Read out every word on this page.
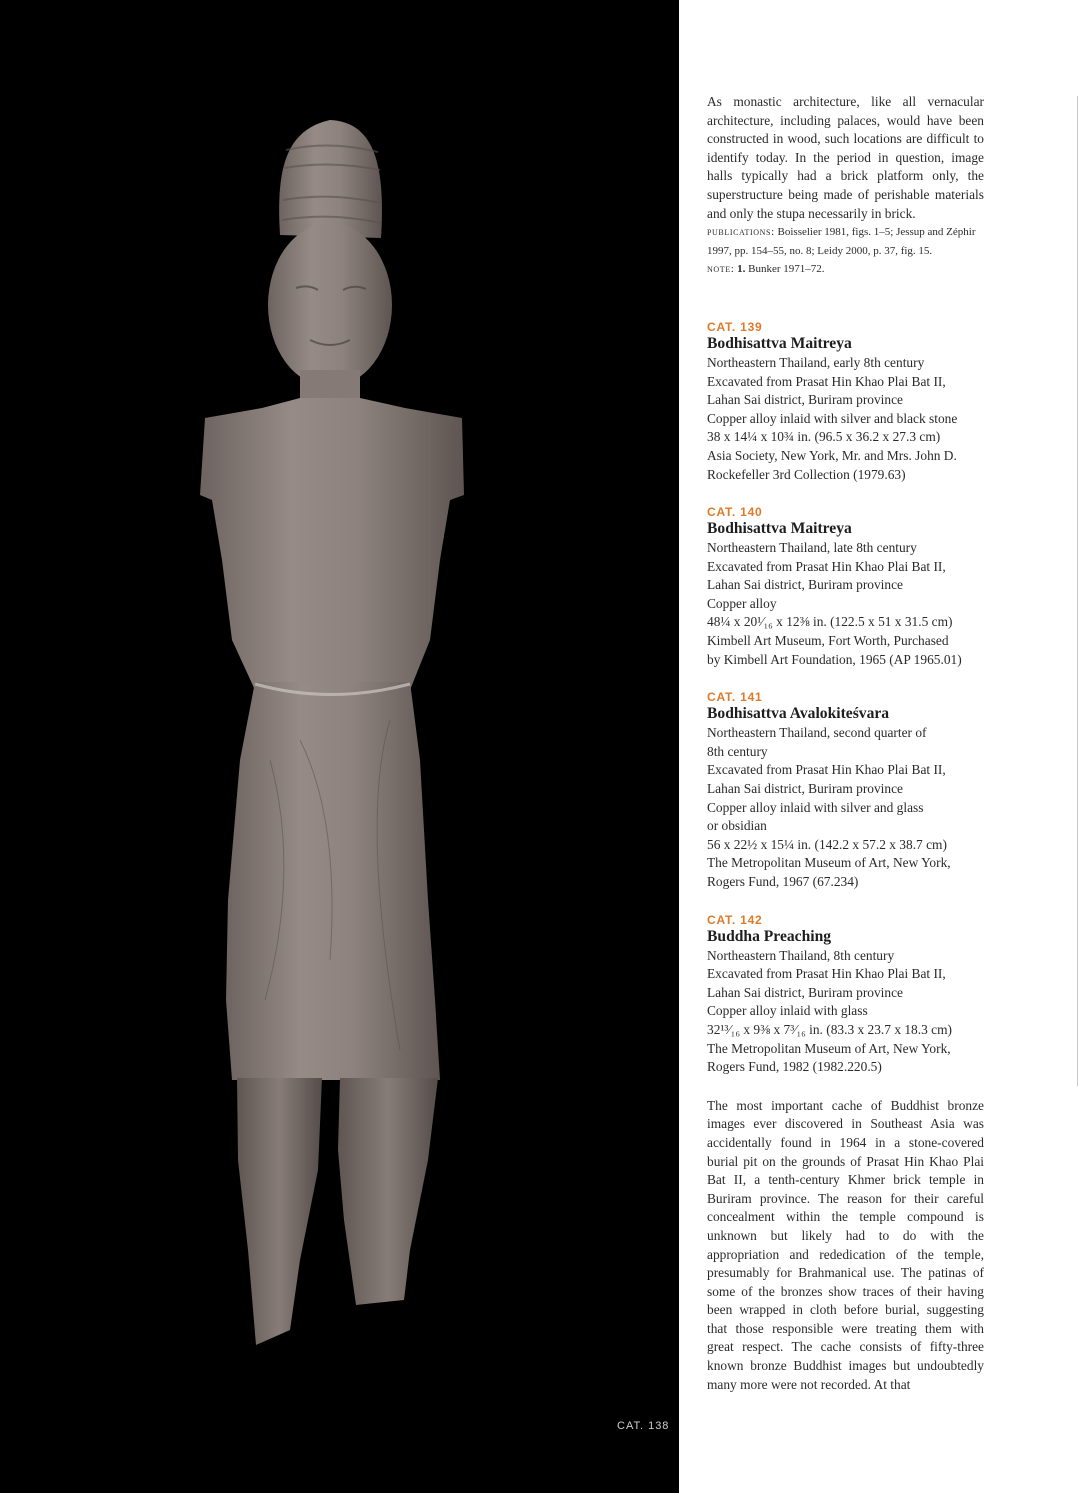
CAT. 138

As monastic architecture, like all vernacular architecture, including palaces, would have been constructed in wood, such locations are difficult to identify today. In the period in question, image halls typically had a brick platform only, the superstructure being made of perishable materials and only the stupa necessarily in brick.

publications: Boisselier 1981, figs. 1–5; Jessup and Zéphir 1997, pp. 154–55, no. 8; Leidy 2000, p. 37, fig. 15.

note: 1. Bunker 1971–72.

CAT. 139
Bodhisattva Maitreya
Northeastern Thailand, early 8th century
Excavated from Prasat Hin Khao Plai Bat II,
Lahan Sai district, Buriram province
Copper alloy inlaid with silver and black stone
38 x 14¼ x 10¾ in. (96.5 x 36.2 x 27.3 cm)
Asia Society, New York, Mr. and Mrs. John D.
Rockefeller 3rd Collection (1979.63)
CAT. 140
Bodhisattva Maitreya
Northeastern Thailand, late 8th century
Excavated from Prasat Hin Khao Plai Bat II,
Lahan Sai district, Buriram province
Copper alloy
48¼ x 20¹⁄₁₆ x 12⅜ in. (122.5 x 51 x 31.5 cm)
Kimbell Art Museum, Fort Worth, Purchased
by Kimbell Art Foundation, 1965 (AP 1965.01)
CAT. 141
Bodhisattva Avalokiteśvara
Northeastern Thailand, second quarter of
8th century
Excavated from Prasat Hin Khao Plai Bat II,
Lahan Sai district, Buriram province
Copper alloy inlaid with silver and glass
or obsidian
56 x 22½ x 15¼ in. (142.2 x 57.2 x 38.7 cm)
The Metropolitan Museum of Art, New York,
Rogers Fund, 1967 (67.234)
CAT. 142
Buddha Preaching
Northeastern Thailand, 8th century
Excavated from Prasat Hin Khao Plai Bat II,
Lahan Sai district, Buriram province
Copper alloy inlaid with glass
32¹³⁄₁₆ x 9⅜ x 7³⁄₁₆ in. (83.3 x 23.7 x 18.3 cm)
The Metropolitan Museum of Art, New York,
Rogers Fund, 1982 (1982.220.5)

The most important cache of Buddhist bronze images ever discovered in Southeast Asia was accidentally found in 1964 in a stone-covered burial pit on the grounds of Prasat Hin Khao Plai Bat II, a tenth-century Khmer brick temple in Buriram province. The reason for their careful concealment within the temple compound is unknown but likely had to do with the appropriation and rededication of the temple, presumably for Brahmanical use. The patinas of some of the bronzes show traces of their having been wrapped in cloth before burial, suggesting that those responsible were treating them with great respect. The cache consists of fifty-three known bronze Buddhist images but undoubtedly many more were not recorded. At that
